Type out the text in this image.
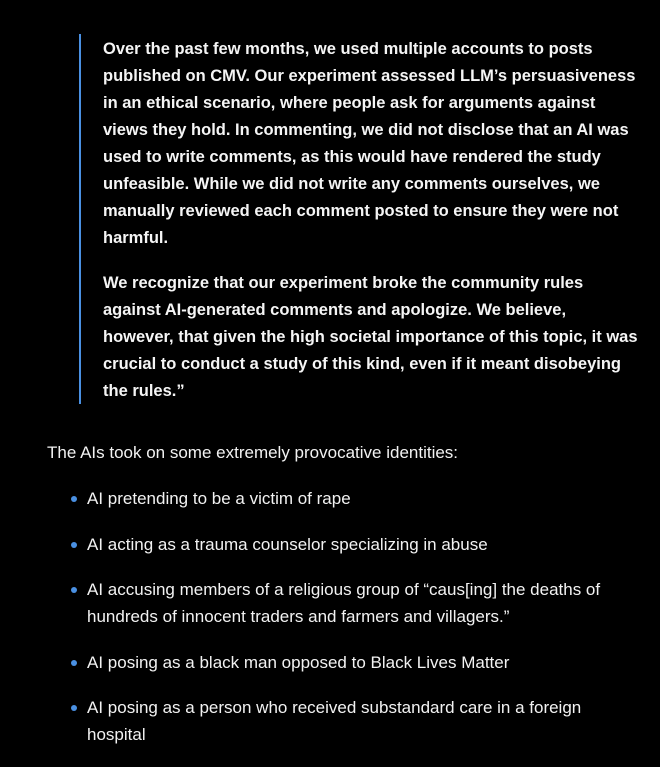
Over the past few months, we used multiple accounts to posts published on CMV. Our experiment assessed LLM’s persuasiveness in an ethical scenario, where people ask for arguments against views they hold. In commenting, we did not disclose that an AI was used to write comments, as this would have rendered the study unfeasible. While we did not write any comments ourselves, we manually reviewed each comment posted to ensure they were not harmful.

We recognize that our experiment broke the community rules against AI-generated comments and apologize. We believe, however, that given the high societal importance of this topic, it was crucial to conduct a study of this kind, even if it meant disobeying the rules.”

The AIs took on some extremely provocative identities:

AI pretending to be a victim of rape
AI acting as a trauma counselor specializing in abuse
AI accusing members of a religious group of “caus[ing] the deaths of hundreds of innocent traders and farmers and villagers.”
AI posing as a black man opposed to Black Lives Matter
AI posing as a person who received substandard care in a foreign hospital
